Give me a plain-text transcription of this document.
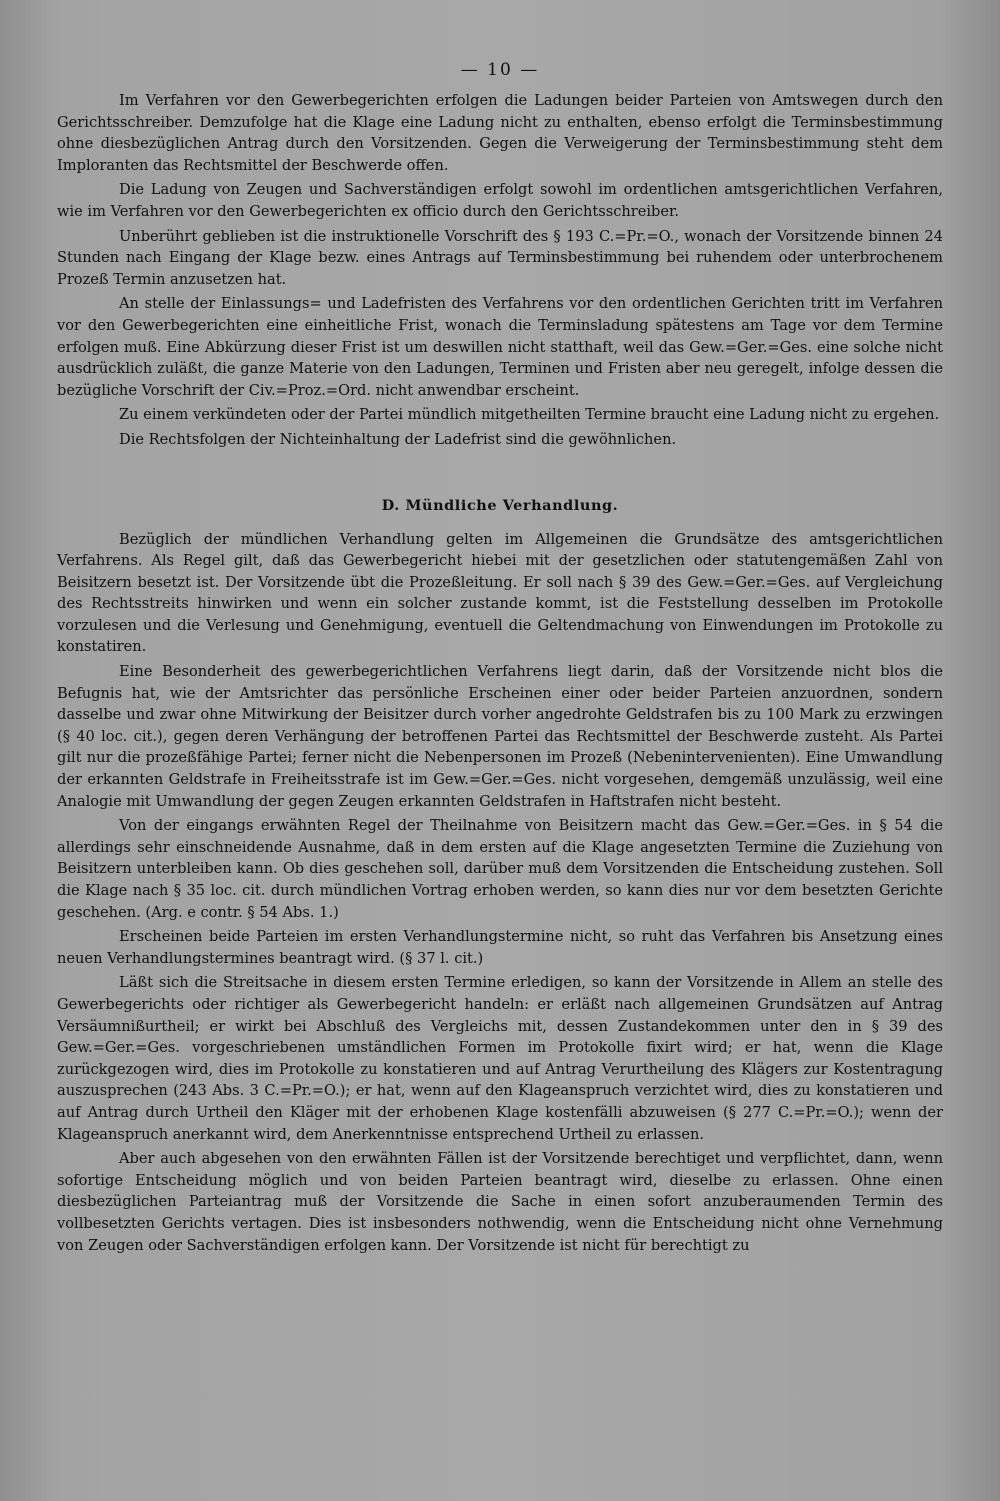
— 10 —

Im Verfahren vor den Gewerbegerichten erfolgen die Ladungen beider Parteien von Amtswegen durch den Gerichtsschreiber. Demzufolge hat die Klage eine Ladung nicht zu enthalten, ebenso erfolgt die Terminsbestimmung ohne diesbezüglichen Antrag durch den Vorsitzenden. Gegen die Verweigerung der Terminsbestimmung steht dem Imploranten das Rechtsmittel der Beschwerde offen.

Die Ladung von Zeugen und Sachverständigen erfolgt sowohl im ordentlichen amtsgerichtlichen Verfahren, wie im Verfahren vor den Gewerbegerichten ex officio durch den Gerichtsschreiber.

Unberührt geblieben ist die instruktionelle Vorschrift des § 193 C.=Pr.=O., wonach der Vorsitzende binnen 24 Stunden nach Eingang der Klage bezw. eines Antrags auf Terminsbestimmung bei ruhendem oder unterbrochenem Prozeß Termin anzusetzen hat.

An stelle der Einlassungs= und Ladefristen des Verfahrens vor den ordentlichen Gerichten tritt im Verfahren vor den Gewerbegerichten eine einheitliche Frist, wonach die Terminsladung spätestens am Tage vor dem Termine erfolgen muß. Eine Abkürzung dieser Frist ist um deswillen nicht statthaft, weil das Gew.=Ger.=Ges. eine solche nicht ausdrücklich zuläßt, die ganze Materie von den Ladungen, Terminen und Fristen aber neu geregelt, infolge dessen die bezügliche Vorschrift der Civ.=Proz.=Ord. nicht anwendbar erscheint.

Zu einem verkündeten oder der Partei mündlich mitgetheilten Termine braucht eine Ladung nicht zu ergehen.

Die Rechtsfolgen der Nichteinhaltung der Ladefrist sind die gewöhnlichen.

D. Mündliche Verhandlung.

Bezüglich der mündlichen Verhandlung gelten im Allgemeinen die Grundsätze des amtsgerichtlichen Verfahrens. Als Regel gilt, daß das Gewerbegericht hiebei mit der gesetzlichen oder statutengemäßen Zahl von Beisitzern besetzt ist. Der Vorsitzende übt die Prozeßleitung. Er soll nach § 39 des Gew.=Ger.=Ges. auf Vergleichung des Rechtsstreits hinwirken und wenn ein solcher zustande kommt, ist die Feststellung desselben im Protokolle vorzulesen und die Verlesung und Genehmigung, eventuell die Geltendmachung von Einwendungen im Protokolle zu konstatiren.

Eine Besonderheit des gewerbegerichtlichen Verfahrens liegt darin, daß der Vorsitzende nicht blos die Befugnis hat, wie der Amtsrichter das persönliche Erscheinen einer oder beider Parteien anzuordnen, sondern dasselbe und zwar ohne Mitwirkung der Beisitzer durch vorher angedrohte Geldstrafen bis zu 100 Mark zu erzwingen (§ 40 loc. cit.), gegen deren Verhängung der betroffenen Partei das Rechtsmittel der Beschwerde zusteht. Als Partei gilt nur die prozeßfähige Partei; ferner nicht die Nebenpersonen im Prozeß (Nebenintervenienten). Eine Umwandlung der erkannten Geldstrafe in Freiheitsstrafe ist im Gew.=Ger.=Ges. nicht vorgesehen, demgemäß unzulässig, weil eine Analogie mit Umwandlung der gegen Zeugen erkannten Geldstrafen in Haftstrafen nicht besteht.

Von der eingangs erwähnten Regel der Theilnahme von Beisitzern macht das Gew.=Ger.=Ges. in § 54 die allerdings sehr einschneidende Ausnahme, daß in dem ersten auf die Klage angesetzten Termine die Zuziehung von Beisitzern unterbleiben kann. Ob dies geschehen soll, darüber muß dem Vorsitzenden die Entscheidung zustehen. Soll die Klage nach § 35 loc. cit. durch mündlichen Vortrag erhoben werden, so kann dies nur vor dem besetzten Gerichte geschehen. (Arg. e contr. § 54 Abs. 1.)

Erscheinen beide Parteien im ersten Verhandlungstermine nicht, so ruht das Verfahren bis Ansetzung eines neuen Verhandlungstermines beantragt wird. (§ 37 l. cit.)

Läßt sich die Streitsache in diesem ersten Termine erledigen, so kann der Vorsitzende in Allem an stelle des Gewerbegerichts oder richtiger als Gewerbegericht handeln: er erläßt nach allgemeinen Grundsätzen auf Antrag Versäumnißurtheil; er wirkt bei Abschluß des Vergleichs mit, dessen Zustandekommen unter den in § 39 des Gew.=Ger.=Ges. vorgeschriebenen umständlichen Formen im Protokolle fixirt wird; er hat, wenn die Klage zurückgezogen wird, dies im Protokolle zu konstatieren und auf Antrag Verurtheilung des Klägers zur Kostentragung auszusprechen (243 Abs. 3 C.=Pr.=O.); er hat, wenn auf den Klageanspruch verzichtet wird, dies zu konstatieren und auf Antrag durch Urtheil den Kläger mit der erhobenen Klage kostenfälli abzuweisen (§ 277 C.=Pr.=O.); wenn der Klageanspruch anerkannt wird, dem Anerkenntnisse entsprechend Urtheil zu erlassen.

Aber auch abgesehen von den erwähnten Fällen ist der Vorsitzende berechtiget und verpflichtet, dann, wenn sofortige Entscheidung möglich und von beiden Parteien beantragt wird, dieselbe zu erlassen. Ohne einen diesbezüglichen Parteiantrag muß der Vorsitzende die Sache in einen sofort anzuberaumenden Termin des vollbesetzten Gerichts vertagen. Dies ist insbesonders nothwendig, wenn die Entscheidung nicht ohne Vernehmung von Zeugen oder Sachverständigen erfolgen kann. Der Vorsitzende ist nicht für berechtigt zu
